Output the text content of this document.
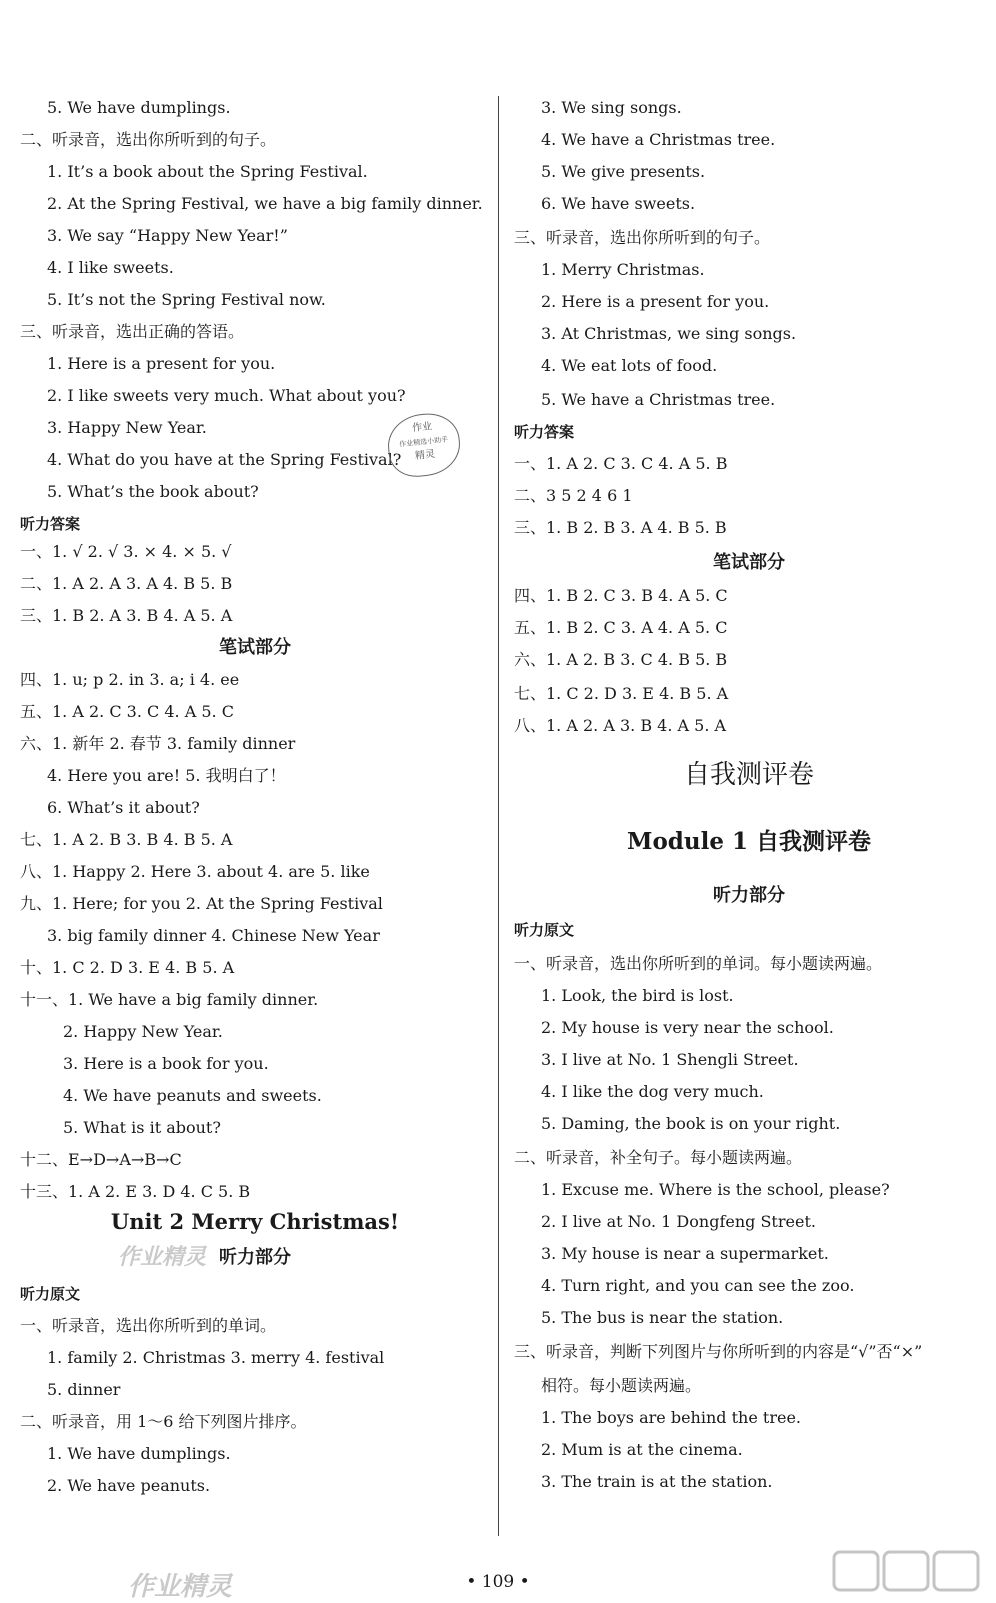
笔试部分
Unit 2 Merry Christmas!
听力部分
5. We have dumplings.
二、听录音，选出你所听到的句子。
1. It’s a book about the Spring Festival.
2. At the Spring Festival, we have a big family dinner.
3. We say “Happy New Year!”
4. I like sweets.
5. It’s not the Spring Festival now.
三、听录音，选出正确的答语。
1. Here is a present for you.
2. I like sweets very much. What about you?
3. Happy New Year.
4. What do you have at the Spring Festival?
5. What’s the book about?
听力答案
一、1. √ 2. √ 3. × 4. × 5. √
二、1. A 2. A 3. A 4. B 5. B
三、1. B 2. A 3. B 4. A 5. A
四、1. u; p 2. in 3. a; i 4. ee
五、1. A 2. C 3. C 4. A 5. C
六、1. 新年 2. 春节 3. family dinner
4. Here you are! 5. 我明白了！
6. What’s it about?
七、1. A 2. B 3. B 4. B 5. A
八、1. Happy 2. Here 3. about 4. are 5. like
九、1. Here; for you 2. At the Spring Festival
3. big family dinner 4. Chinese New Year
十、1. C 2. D 3. E 4. B 5. A
十一、1. We have a big family dinner.
2. Happy New Year.
3. Here is a book for you.
4. We have peanuts and sweets.
5. What is it about?
十二、E→D→A→B→C
十三、1. A 2. E 3. D 4. C 5. B
听力原文
一、听录音，选出你所听到的单词。
1. family 2. Christmas 3. merry 4. festival
5. dinner
二、听录音，用 1～6 给下列图片排序。
1. We have dumplings.
2. We have peanuts.
笔试部分
自我测评卷
Module 1 自我测评卷
听力部分
3. We sing songs.
4. We have a Christmas tree.
5. We give presents.
6. We have sweets.
三、听录音，选出你所听到的句子。
1. Merry Christmas.
2. Here is a present for you.
3. At Christmas, we sing songs.
4. We eat lots of food.
5. We have a Christmas tree.
听力答案
一、1. A 2. C 3. C 4. A 5. B
二、3 5 2 4 6 1
三、1. B 2. B 3. A 4. B 5. B
四、1. B 2. C 3. B 4. A 5. C
五、1. B 2. C 3. A 4. A 5. C
六、1. A 2. B 3. C 4. B 5. B
七、1. C 2. D 3. E 4. B 5. A
八、1. A 2. A 3. B 4. A 5. A
听力原文
一、听录音，选出你所听到的单词。每小题读两遍。
1. Look, the bird is lost.
2. My house is very near the school.
3. I live at No. 1 Shengli Street.
4. I like the dog very much.
5. Daming, the book is on your right.
二、听录音，补全句子。每小题读两遍。
1. Excuse me. Where is the school, please?
2. I live at No. 1 Dongfeng Street.
3. My house is near a supermarket.
4. Turn right, and you can see the zoo.
5. The bus is near the station.
三、听录音，判断下列图片与你所听到的内容是“√”否“×”
相符。每小题读两遍。
1. The boys are behind the tree.
2. Mum is at the cinema.
3. The train is at the station.
作业
作业精选小助手
精灵
作业精灵
作业精灵	• 109 •
